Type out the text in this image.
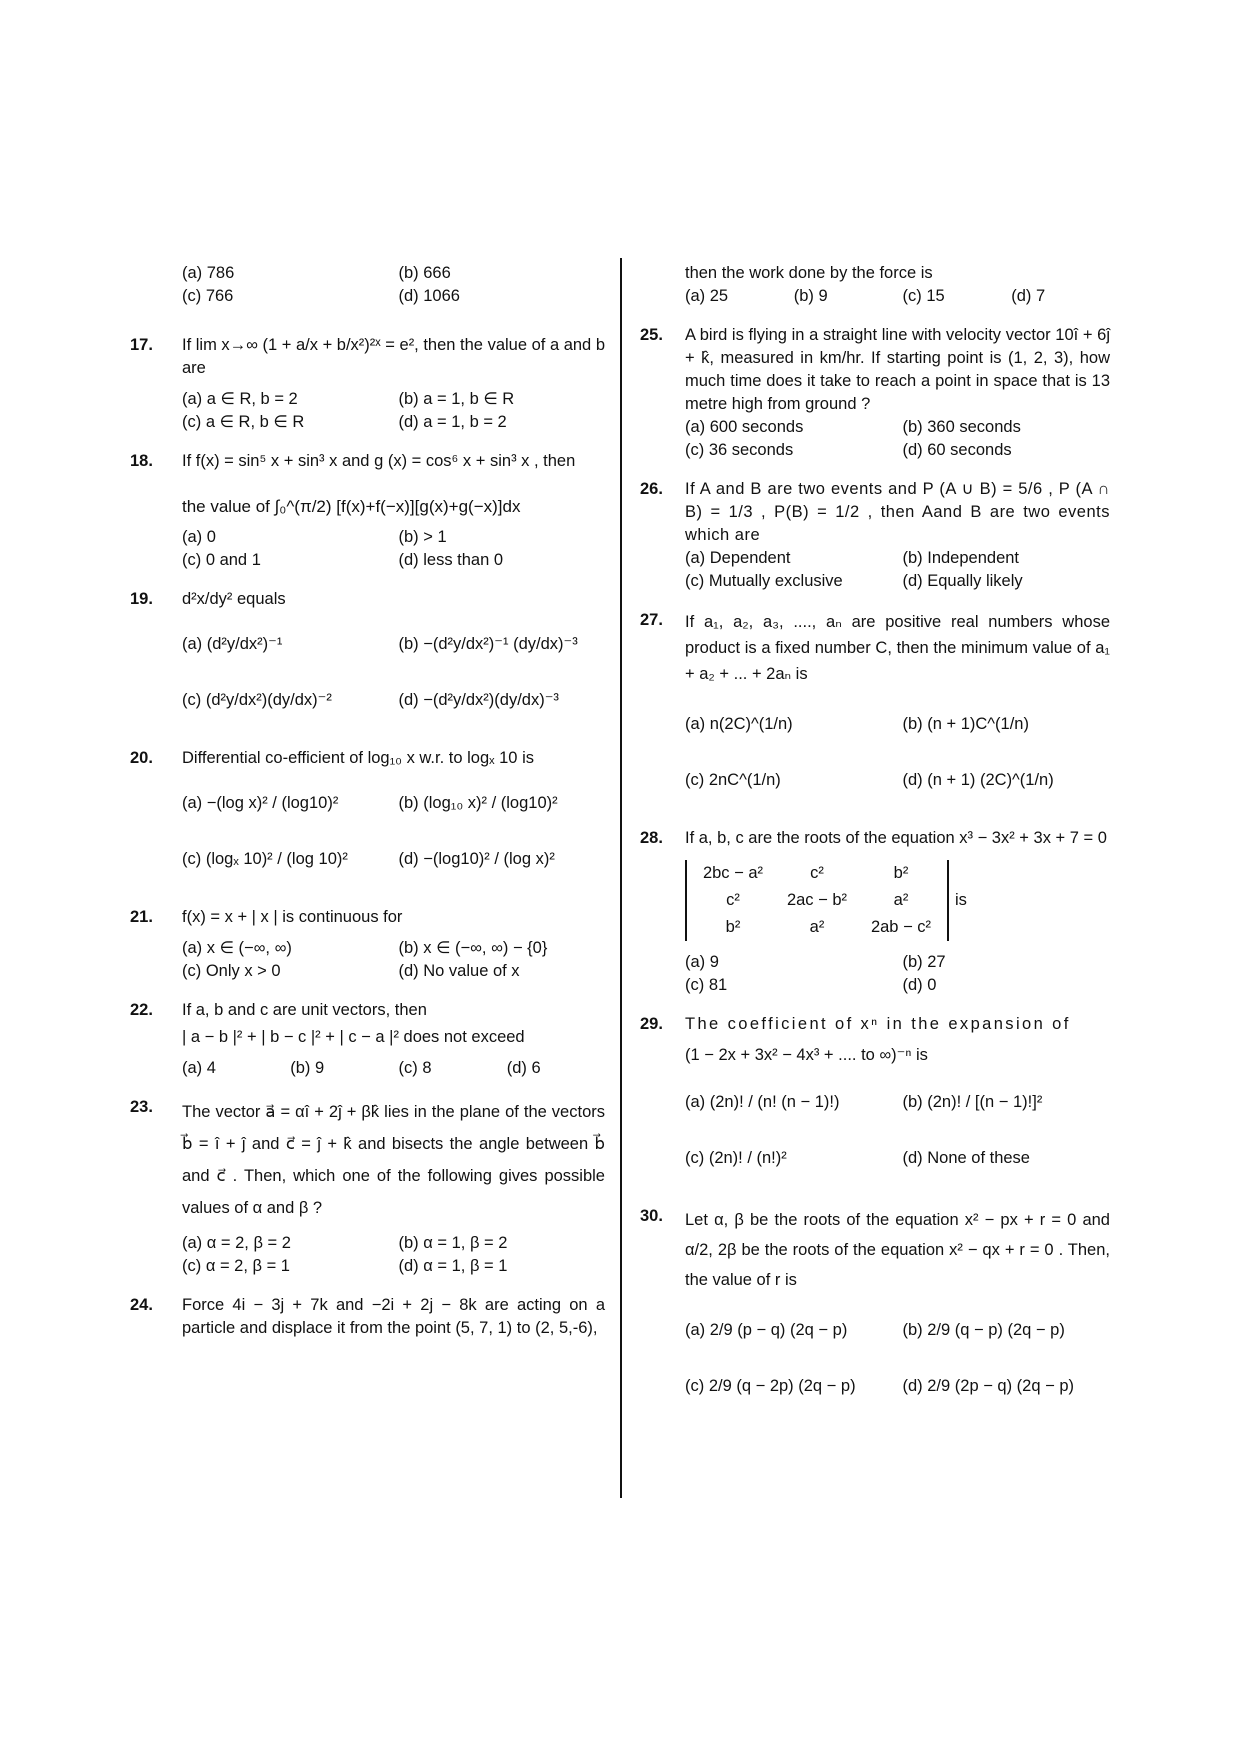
(a) 786	(b) 666
(c) 766	(d) 1066
17. If lim x→∞ (1 + a/x + b/x²)²ˣ = e², then the value of a and b are
(a) a ∈ R, b = 2	(b) a = 1, b ∈ R
(c) a ∈ R, b ∈ R	(d) a = 1, b = 2
18. If f(x) = sin⁵ x + sin³ x and g (x) = cos⁶ x + sin³ x , then
the value of ∫₀^(π/2) [f(x)+f(−x)][g(x)+g(−x)]dx
(a) 0	(b) > 1
(c) 0 and 1	(d) less than 0
19. d²x/dy² equals
(a) (d²y/dx²)⁻¹	(b) −(d²y/dx²)⁻¹ (dy/dx)⁻³
(c) (d²y/dx²)(dy/dx)⁻²	(d) −(d²y/dx²)(dy/dx)⁻³
20. Differential co-efficient of log₁₀ x w.r. to logₓ 10 is
(a) −(log x)² / (log10)²	(b) (log₁₀ x)² / (log10)²
(c) (logₓ 10)² / (log 10)²	(d) −(log10)² / (log x)²
21. f(x) = x + | x | is continuous for
(a) x ∈ (−∞, ∞)	(b) x ∈ (−∞, ∞) − {0}
(c) Only x > 0	(d) No value of x
22. If a, b and c are unit vectors, then
| a − b |² + | b − c |² + | c − a |² does not exceed
(a) 4	(b) 9	(c) 8	(d) 6
23. The vector a⃗ = αî + 2ĵ + βk̂ lies in the plane of the vectors b⃗ = î + ĵ and c⃗ = ĵ + k̂ and bisects the angle between b⃗ and c⃗ . Then, which one of the following gives possible values of α and β ?
(a) α = 2, β = 2	(b) α = 1, β = 2
(c) α = 2, β = 1	(d) α = 1, β = 1
24. Force 4i − 3j + 7k and −2i + 2j − 8k are acting on a particle and displace it from the point (5, 7, 1) to (2, 5,-6),
then the work done by the force is
(a) 25	(b) 9	(c) 15	(d) 7
25. A bird is flying in a straight line with velocity vector 10î + 6ĵ + k̂, measured in km/hr. If starting point is (1, 2, 3), how much time does it take to reach a point in space that is 13 metre high from ground ?
(a) 600 seconds	(b) 360 seconds
(c) 36 seconds	(d) 60 seconds
26. If A and B are two events and P (A ∪ B) = 5/6 , P (A ∩ B) = 1/3 , P(B) = 1/2 , then Aand B are two events which are
(a) Dependent	(b) Independent
(c) Mutually exclusive	(d) Equally likely
27. If a₁, a₂, a₃, ...., aₙ are positive real numbers whose product is a fixed number C, then the minimum value of a₁ + a₂ + ... + 2aₙ is
(a) n(2C)^(1/n)	(b) (n + 1)C^(1/n)
(c) 2nC^(1/n)	(d) (n + 1) (2C)^(1/n)
28. If a, b, c are the roots of the equation x³ − 3x² + 3x + 7 = 0
2bc − a²	c²	b²
c²	2ac − b²	a²
b²	a²	2ab − c²
is
(a) 9	(b) 27
(c) 81	(d) 0
29. The coefficient of xⁿ in the expansion of
(1 − 2x + 3x² − 4x³ + .... to ∞)⁻ⁿ is
(a) (2n)! / (n! (n − 1)!)	(b) (2n)! / [(n − 1)!]²
(c) (2n)! / (n!)²	(d) None of these
30. Let α, β be the roots of the equation x² − px + r = 0 and α/2, 2β be the roots of the equation x² − qx + r = 0 . Then, the value of r is
(a) 2/9 (p − q) (2q − p)	(b) 2/9 (q − p) (2q − p)
(c) 2/9 (q − 2p) (2q − p)	(d) 2/9 (2p − q) (2q − p)
